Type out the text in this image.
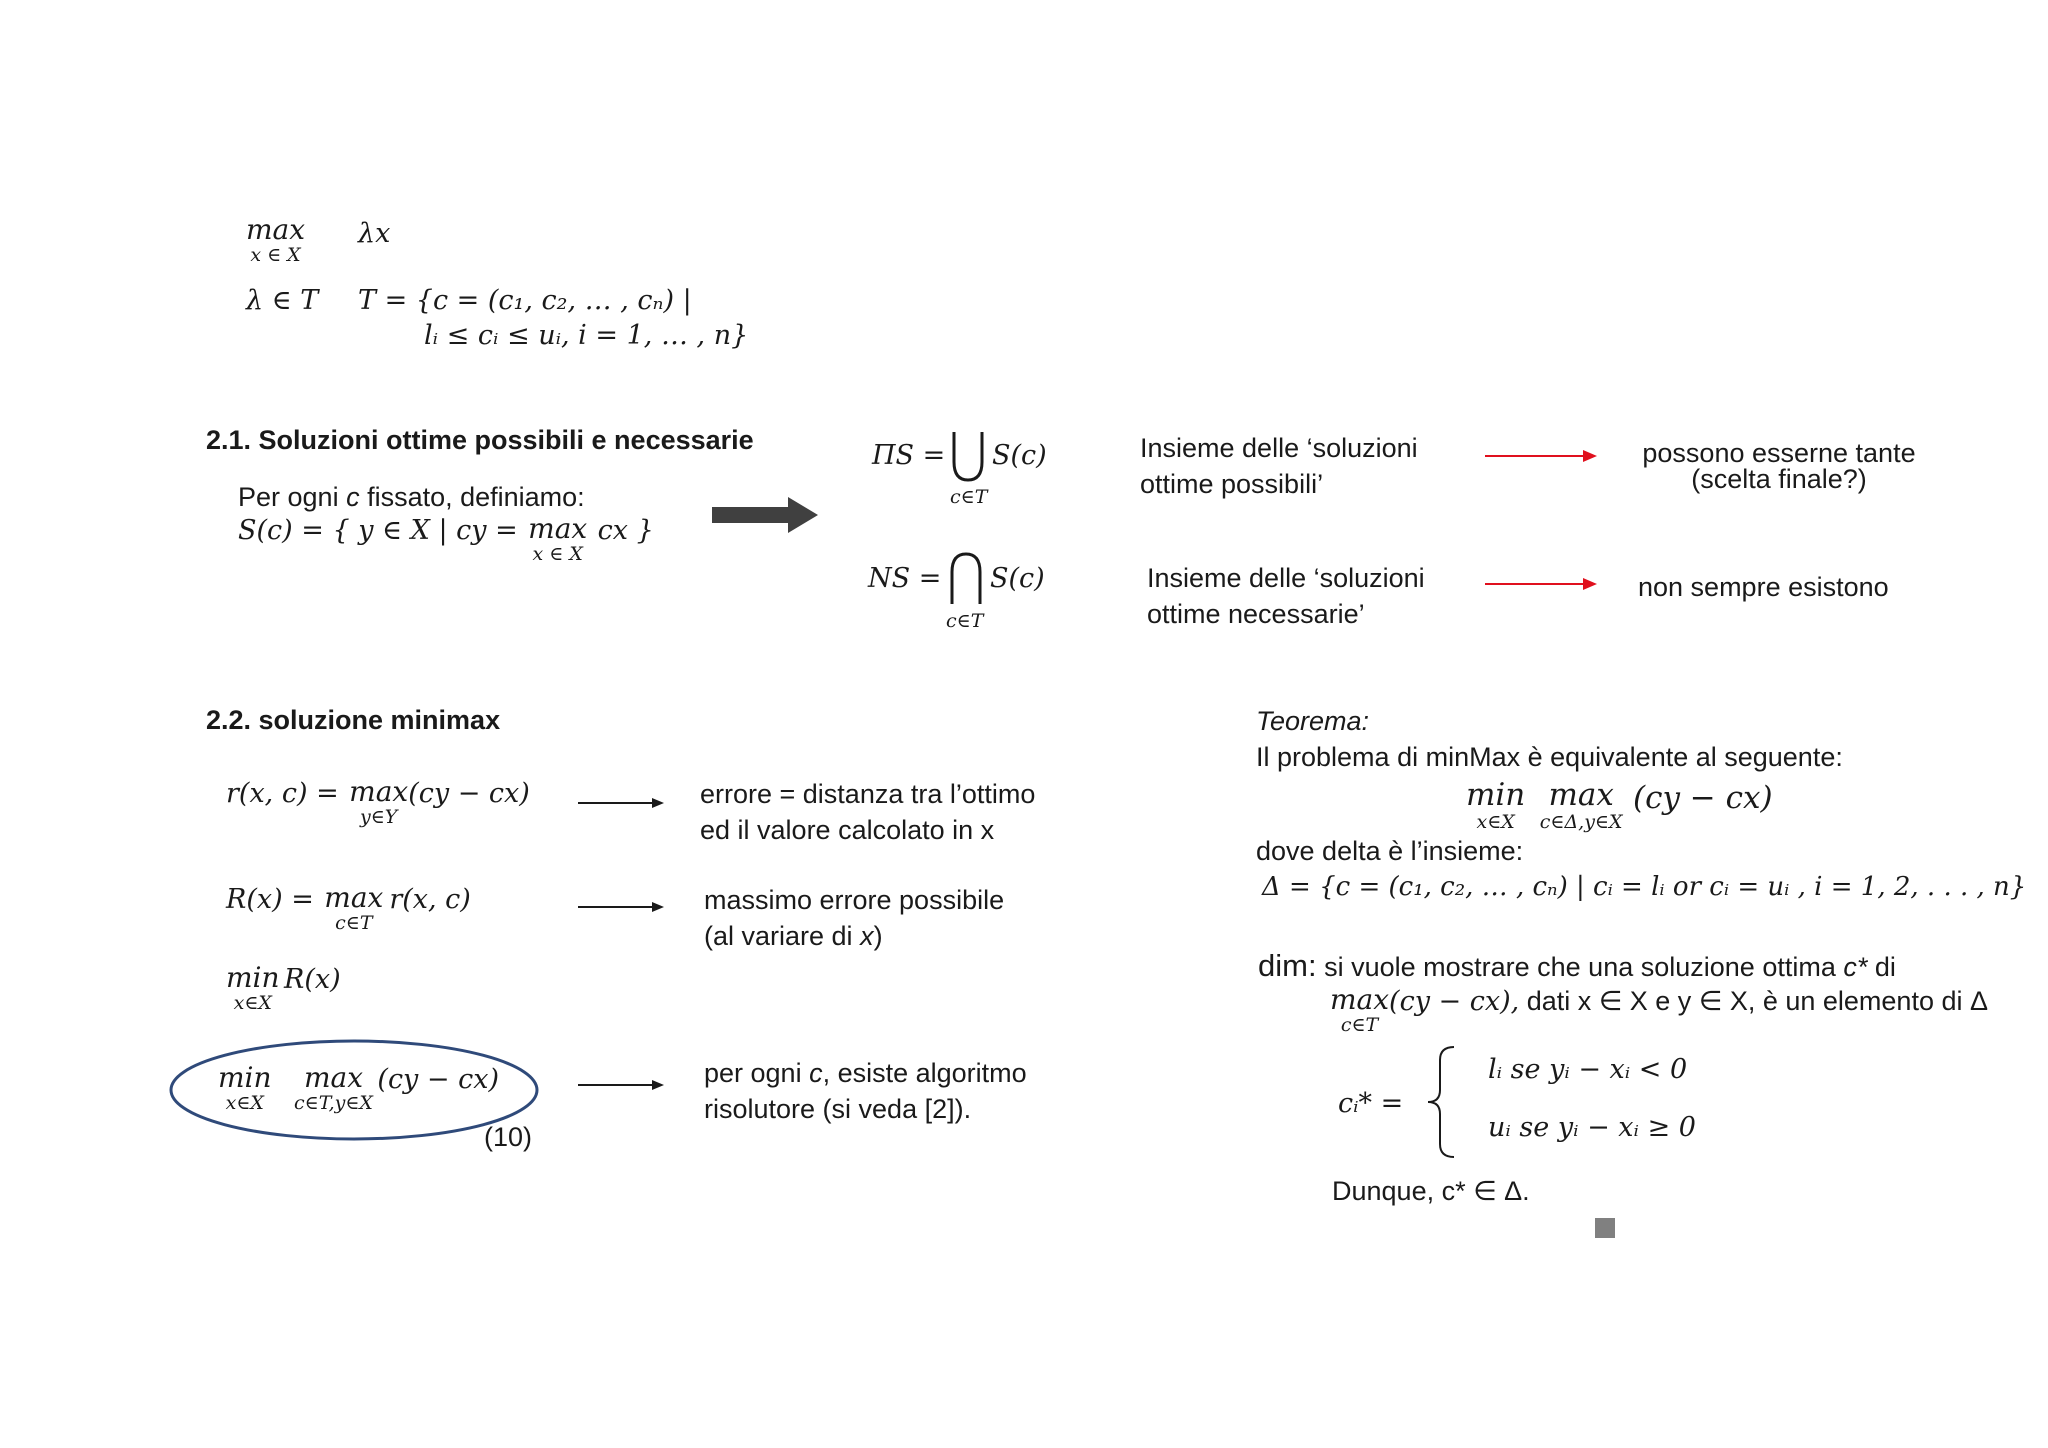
max
x ∈ X
λx
λ ∈ T T = {c = (c₁, c₂, … , cₙ) |
lᵢ ≤ cᵢ ≤ uᵢ, i = 1, … , n}
2.1. Soluzioni ottime possibili e necessarie
Per ogni c fissato, definiamo:
S(c) = { y ∈ X | cy = max
x ∈ X
cx }
ΠS = S(c)
c∈T
NS = S(c)
c∈T
Insieme delle ‘soluzioni
ottime possibili’
Insieme delle ‘soluzioni
ottime necessarie’
possono esserne tante
(scelta finale?)
non sempre esistono
2.2. soluzione minimax
r(x, c) = max
y∈Y
(cy − cx)	errore = distanza tra l’ottimo
ed il valore calcolato in x
R(x) = max
c∈T
r(x, c)	massimo errore possibile
(al variare di x)
min
x∈X
R(x)
min
x∈X

max
c∈T,y∈X
(cy − cx)
(10)
per ogni c, esiste algoritmo
risolutore (si veda [2]).
Teorema:
Il problema di minMax è equivalente al seguente:
min
x∈X

max
c∈Δ,y∈X
(cy − cx)
dove delta è l’insieme:
Δ = {c = (c₁, c₂, … , cₙ) | cᵢ = lᵢ or cᵢ = uᵢ , i = 1, 2, . . . , n}
dim: si vuole mostrare che una soluzione ottima c* di
max
c∈T
(cy − cx), dati x ∈ X e y ∈ X, è un elemento di Δ
cᵢ* =
lᵢ se yᵢ − xᵢ < 0
uᵢ se yᵢ − xᵢ ≥ 0
Dunque, c* ∈ Δ.
